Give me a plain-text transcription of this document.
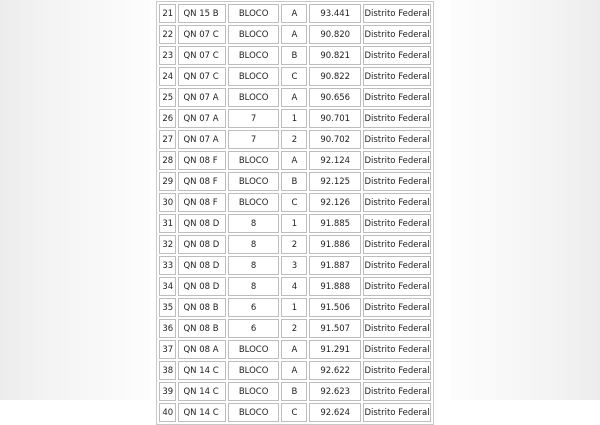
21	QN 15 B	BLOCO	A	93.441	Distrito Federal
22	QN 07 C	BLOCO	A	90.820	Distrito Federal
23	QN 07 C	BLOCO	B	90.821	Distrito Federal
24	QN 07 C	BLOCO	C	90.822	Distrito Federal
25	QN 07 A	BLOCO	A	90.656	Distrito Federal
26	QN 07 A	7	1	90.701	Distrito Federal
27	QN 07 A	7	2	90.702	Distrito Federal
28	QN 08 F	BLOCO	A	92.124	Distrito Federal
29	QN 08 F	BLOCO	B	92.125	Distrito Federal
30	QN 08 F	BLOCO	C	92.126	Distrito Federal
31	QN 08 D	8	1	91.885	Distrito Federal
32	QN 08 D	8	2	91.886	Distrito Federal
33	QN 08 D	8	3	91.887	Distrito Federal
34	QN 08 D	8	4	91.888	Distrito Federal
35	QN 08 B	6	1	91.506	Distrito Federal
36	QN 08 B	6	2	91.507	Distrito Federal
37	QN 08 A	BLOCO	A	91.291	Distrito Federal
38	QN 14 C	BLOCO	A	92.622	Distrito Federal
39	QN 14 C	BLOCO	B	92.623	Distrito Federal
40	QN 14 C	BLOCO	C	92.624	Distrito Federal
